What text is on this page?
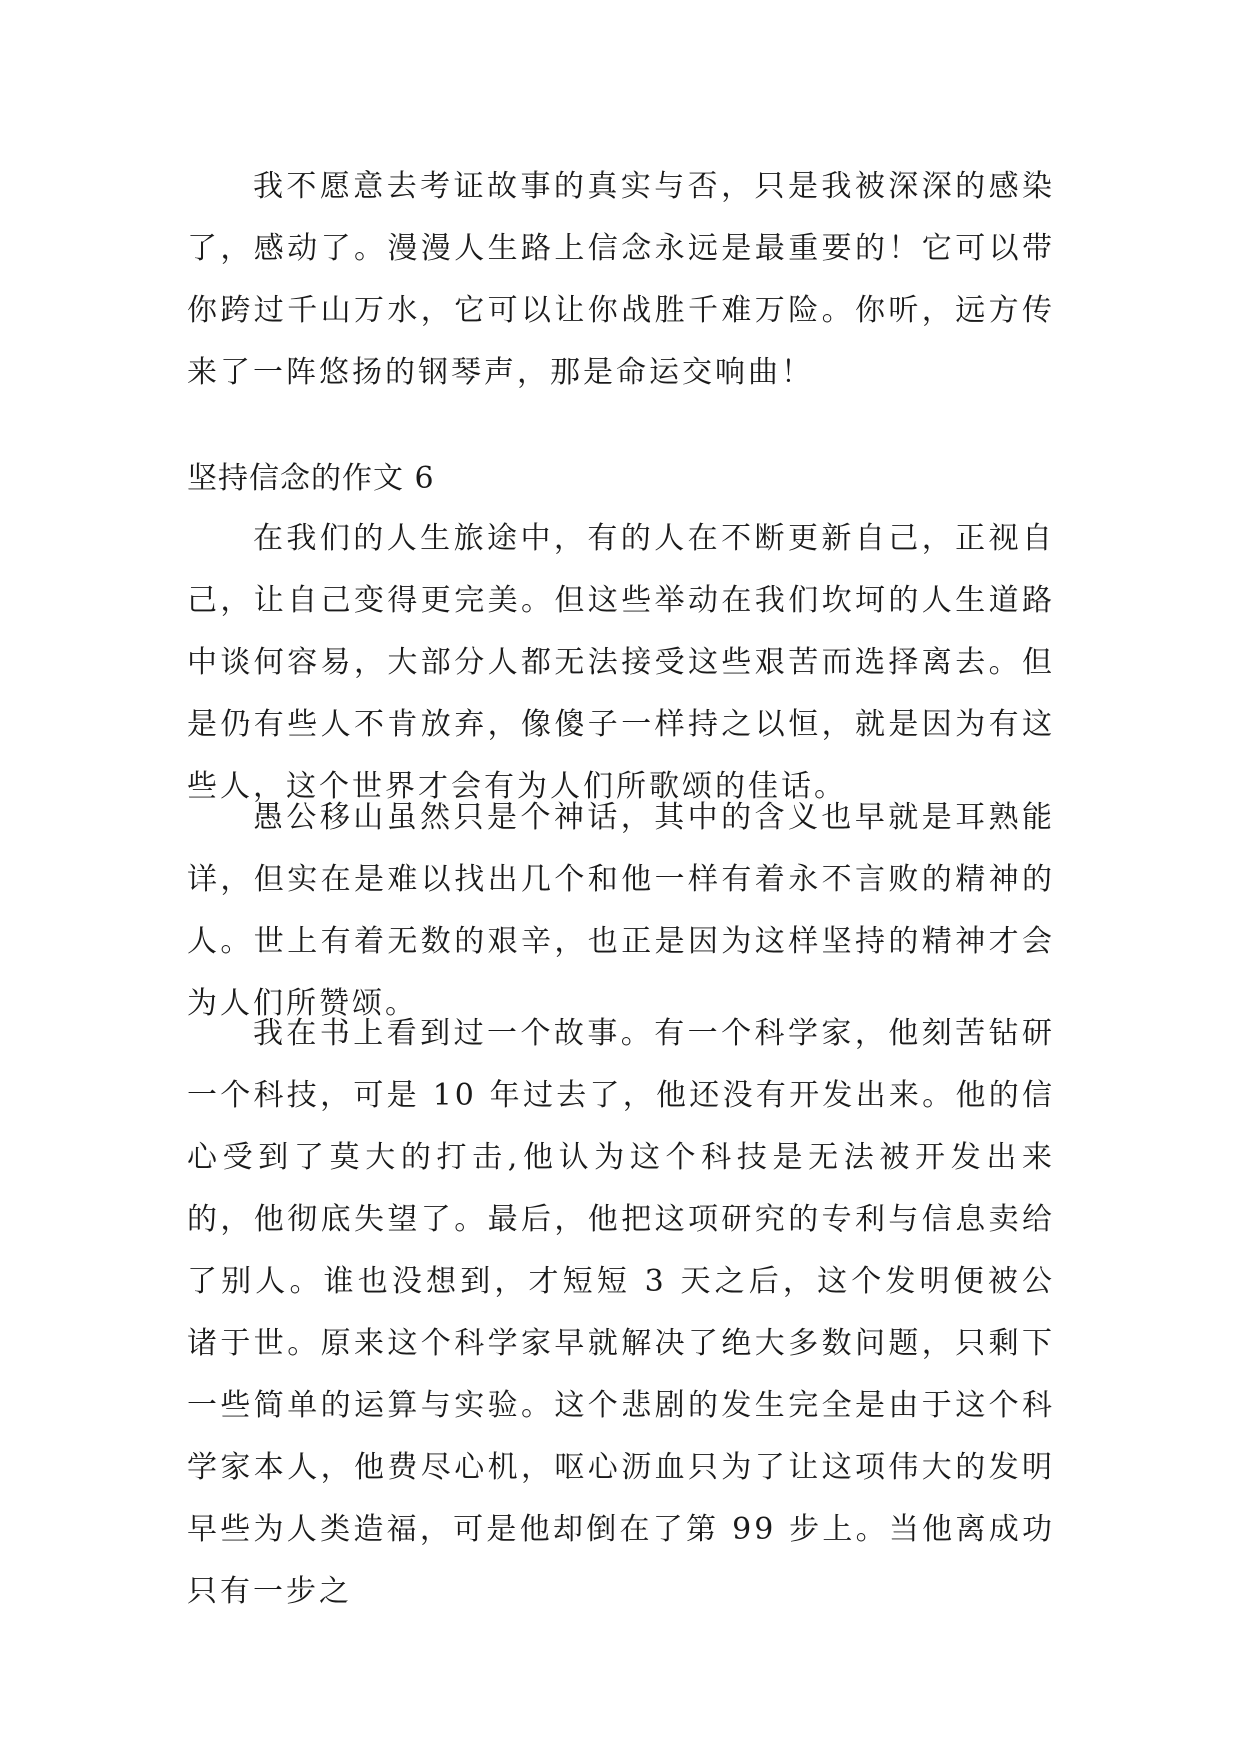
我不愿意去考证故事的真实与否，只是我被深深的感染了，感动了。漫漫人生路上信念永远是最重要的！它可以带你跨过千山万水，它可以让你战胜千难万险。你听，远方传来了一阵悠扬的钢琴声，那是命运交响曲！

坚持信念的作文 6

在我们的人生旅途中，有的人在不断更新自己，正视自己，让自己变得更完美。但这些举动在我们坎坷的人生道路中谈何容易，大部分人都无法接受这些艰苦而选择离去。但是仍有些人不肯放弃，像傻子一样持之以恒，就是因为有这些人，这个世界才会有为人们所歌颂的佳话。

愚公移山虽然只是个神话，其中的含义也早就是耳熟能详，但实在是难以找出几个和他一样有着永不言败的精神的人。世上有着无数的艰辛，也正是因为这样坚持的精神才会为人们所赞颂。

我在书上看到过一个故事。有一个科学家，他刻苦钻研一个科技，可是 10 年过去了，他还没有开发出来。他的信心受到了莫大的打击,他认为这个科技是无法被开发出来的，他彻底失望了。最后，他把这项研究的专利与信息卖给了别人。谁也没想到，才短短 3 天之后，这个发明便被公诸于世。原来这个科学家早就解决了绝大多数问题，只剩下一些简单的运算与实验。这个悲剧的发生完全是由于这个科学家本人，他费尽心机，呕心沥血只为了让这项伟大的发明早些为人类造福，可是他却倒在了第 99 步上。当他离成功只有一步之
